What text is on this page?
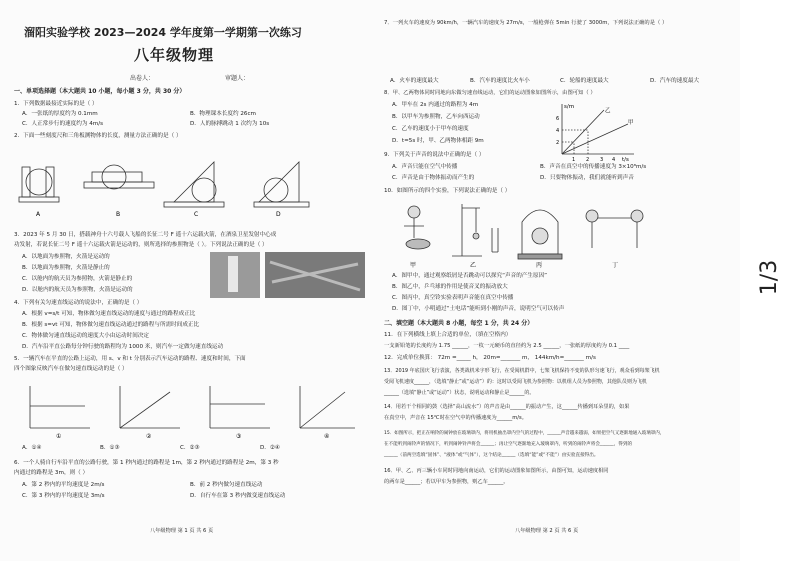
1/3
溜阳实验学校 2023—2024 学年度第一学期第一次练习
八年级物理
出卷人：	审题人：
一、单项选择题（本大题共 10 小题，每小题 3 分，共 30 分）
1．下列数据最接近实际的是（ ）
A．一张纸的厚度约为 0.1mm	B．物理课本长度约 26cm
C．人正常步行的速度约为 4m/s	D．人的脉搏跳动 1 次约为 10s
2．下面一些刻度尺和三角板测物体的长度，测量方法正确的是（ ）
A	B	C	D
3．2023 年 5 月 30 日，搭载神舟十六号载人飞船的长征二号 F 遥十六运载火箭，在酒泉卫星发射中心成
功发射，若说长征二号 F 遥十六运载火箭是运动的，则所选择的参照物是（ ）。下列说法正确的是（ ）
A．以地面为参照物，火箭是运动的
B．以地面为参照物，火箭是静止的
C．以舱内的航天员为参照物，火箭是静止的
D．以舱内的航天员为参照物，火箭是运动的
4．下列有关匀速直线运动的说法中，正确的是（ ）
A．根据 v=s/t 可知，物体做匀速直线运动的速度与通过的路程成正比
B．根据 s=vt 可知，物体做匀速直线运动通过的路程与所需时间成正比
C．物体做匀速直线运动的速度大小由运动时间决定
D．汽车沿平直公路每分钟行驶的路程均为 1000 米，则汽车一定做匀速直线运动
5．一辆汽车在平直的公路上运动，用 s、v 和 t 分别表示汽车运动的路程、速度和时间，下面
四个图象反映汽车在做匀速直线运动的是（ ）
①	②	③	④
A．①④	B．①③	C．②③	D．②④
6．一个人骑自行车沿平直的公路行驶，第 1 秒内通过的路程是 1m，第 2 秒内通过的路程是 2m，第 3 秒
内通过的路程是 3m，则（ ）
A．第 2 秒内的平均速度是 2m/s	B．前 2 秒内做匀速直线运动
C．第 3 秒内的平均速度是 3m/s	D．自行车在第 3 秒内做变速直线运动
八年级物理 第 1 页 共 6 页
7．一列火车的速度为 90km/h，一辆汽车的速度为 27m/s，一般枪弹在 5min 行驶了 3000m，下列说法正确的是（ ）
A．火车的速度最大	B．汽车的速度比火车小	C．轮船的速度最大	D．汽车的速度最大
8．甲、乙两物体同时同地向东做匀速直线运动，它们的运动图象如图所示，由图可知（ ）
A．甲车在 2s 内通过的路程为 4m
B．以甲车为参照物，乙车向西运动
C．乙车的速度小于甲车的速度
D．t=5s 时，甲、乙两物体相距 9m
s/m
t/s
乙
甲
2
4
6
1 2 3 4
9．下列关于声音的说法中正确的是（ ）
A．声音只能在空气中传播	B．声音在真空中的传播速度为 3×10⁸m/s
C．声音是由于物体振动而产生的	D．只要物体振动，我们就能听到声音
10．如图所示的四个实验，下列说法正确的是（ ）
甲	乙	丙	丁
A．图甲中，通过观察纸屑是否跳动可以探究“声音的产生原因”
B．图乙中，乒乓球的作用是使音叉的振动放大
C．图丙中，真空铃实验表明声音能在真空中传播
D．图丁中，小明通过“土电话”能听到小刚的声音，说明空气可以传声
二、填空题（本大题共 8 小题，每空 1 分，共 24 分）
11．在下列横线上填上合适的单位，（填在空格内）
一支新铅笔的长度约为 1.75 ______，一枚一元硬币的直径约为 2.5 ______，一张纸的厚度约为 0.1 ____
12．完成单位换算： 72m =_____ h， 20m=_______ m， 144km/h=_______ m/s
13．2019 年底国庆飞行表演，各类战机米字形飞行，在受阅机群中，七架飞机保持不变的队形匀速飞行，观众看到每架飞机
受阅飞机速度______，（选填“静止”或“运动”）的：这时以受阅飞机为参照物：以机组人员为参照物，其他队员则为飞机
______（选填“静止”或“运动”）状态，说明运动和静止是______的。
14．用若干个相同的鼓（选择“高山流水”）的声音是由______的振动产生，这______传播到耳朵里的，如果
在真空中，声音在 15℃时在空气中的传播速度为______m/s。
15．如图所示，把正在响铃的闹钟放在玻璃罩内，将用机抽出罩内空气的过程中，______声音越来越弱，如果把空气又逐渐地通入玻璃罩内，
在不能听到闹铃声的情况下，听到闹钟铃声将会______；再让空气逐渐地充入玻璃罩内，听到的闹铃声将会______，得到的
______（前两空选填“固体”、“液体”或“气体”），这个结论______（选填“能”或“不能”）由实验直接得出。
16．甲、乙、丙三辆小车同时同地向南运动，它们的运动图象如图所示，由图可知，运动速度相同
的两车是______；若以甲车为参照物，则乙车______。
八年级物理 第 2 页 共 6 页
